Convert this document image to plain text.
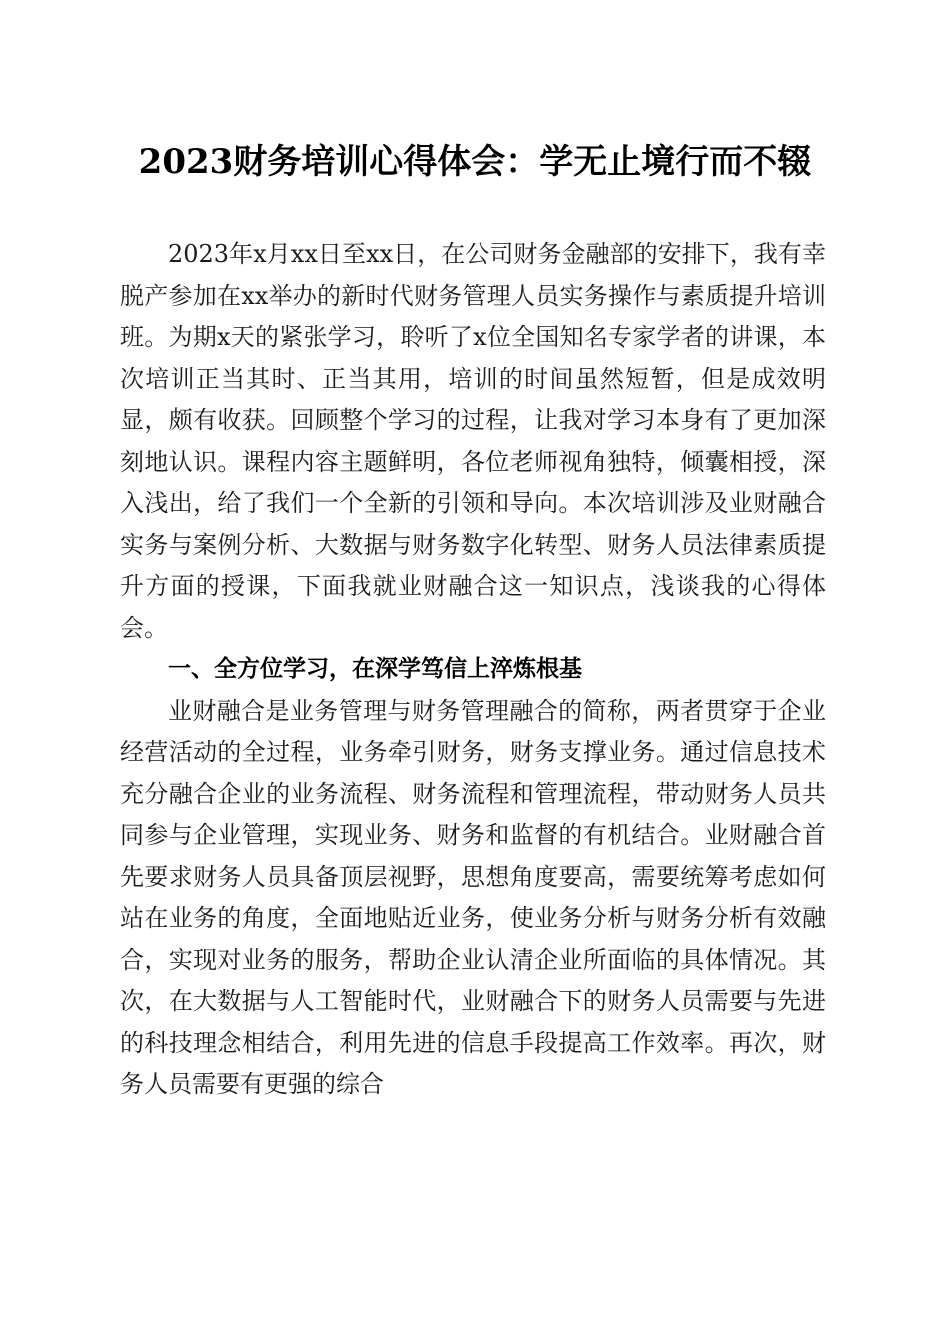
2023财务培训心得体会：学无止境行而不辍

2023年x月xx日至xx日，在公司财务金融部的安排下，我有幸脱产参加在xx举办的新时代财务管理人员实务操作与素质提升培训班。为期x天的紧张学习，聆听了x位全国知名专家学者的讲课，本次培训正当其时、正当其用，培训的时间虽然短暂，但是成效明显，颇有收获。回顾整个学习的过程，让我对学习本身有了更加深刻地认识。课程内容主题鲜明，各位老师视角独特，倾囊相授，深入浅出，给了我们一个全新的引领和导向。本次培训涉及业财融合实务与案例分析、大数据与财务数字化转型、财务人员法律素质提升方面的授课，下面我就业财融合这一知识点，浅谈我的心得体会。

一、全方位学习，在深学笃信上淬炼根基

业财融合是业务管理与财务管理融合的简称，两者贯穿于企业经营活动的全过程，业务牵引财务，财务支撑业务。通过信息技术充分融合企业的业务流程、财务流程和管理流程，带动财务人员共同参与企业管理，实现业务、财务和监督的有机结合。业财融合首先要求财务人员具备顶层视野，思想角度要高，需要统筹考虑如何站在业务的角度，全面地贴近业务，使业务分析与财务分析有效融合，实现对业务的服务，帮助企业认清企业所面临的具体情况。其次，在大数据与人工智能时代，业财融合下的财务人员需要与先进的科技理念相结合，利用先进的信息手段提高工作效率。再次，财务人员需要有更强的综合
